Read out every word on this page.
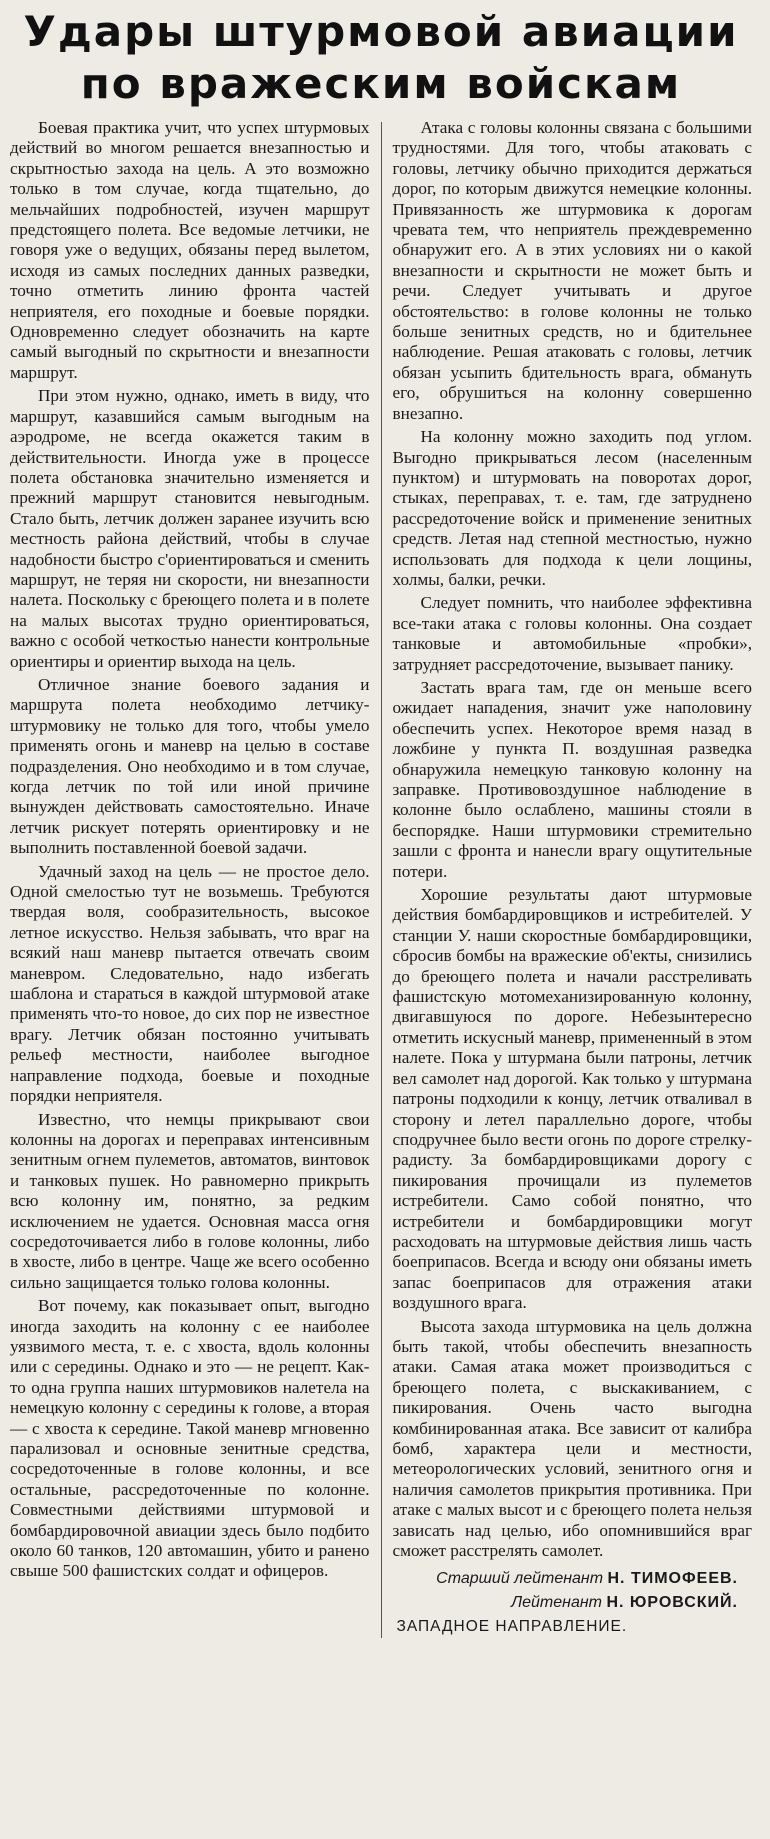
Удары штурмовой авиации
по вражеским войскам

Боевая практика учит, что успех штурмовых действий во многом решается внезапностью и скрытностью захода на цель. А это возможно только в том случае, когда тщательно, до мельчайших подробностей, изучен маршрут предстоящего полета. Все ведомые летчики, не говоря уже о ведущих, обязаны перед вылетом, исходя из самых последних данных разведки, точно отметить линию фронта частей неприятеля, его походные и боевые порядки. Одновременно следует обозначить на карте самый выгодный по скрытности и внезапности маршрут.

При этом нужно, однако, иметь в виду, что маршрут, казавшийся самым выгодным на аэродроме, не всегда окажется таким в действительности. Иногда уже в процессе полета обстановка значительно изменяется и прежний маршрут становится невыгодным. Стало быть, летчик должен заранее изучить всю местность района действий, чтобы в случае надобности быстро с'ориентироваться и сменить маршрут, не теряя ни скорости, ни внезапности налета. Поскольку с бреющего полета и в полете на малых высотах трудно ориентироваться, важно с особой четкостью нанести контрольные ориентиры и ориентир выхода на цель.

Отличное знание боевого задания и маршрута полета необходимо летчику-штурмовику не только для того, чтобы умело применять огонь и маневр на целью в составе подразделения. Оно необходимо и в том случае, когда летчик по той или иной причине вынужден действовать самостоятельно. Иначе летчик рискует потерять ориентировку и не выполнить поставленной боевой задачи.

Удачный заход на цель — не простое дело. Одной смелостью тут не возьмешь. Требуются твердая воля, сообразительность, высокое летное искусство. Нельзя забывать, что враг на всякий наш маневр пытается отвечать своим маневром. Следовательно, надо избегать шаблона и стараться в каждой штурмовой атаке применять что-то новое, до сих пор не известное врагу. Летчик обязан постоянно учитывать рельеф местности, наиболее выгодное направление подхода, боевые и походные порядки неприятеля.

Известно, что немцы прикрывают свои колонны на дорогах и переправах интенсивным зенитным огнем пулеметов, автоматов, винтовок и танковых пушек. Но равномерно прикрыть всю колонну им, понятно, за редким исключением не удается. Основная масса огня сосредоточивается либо в голове колонны, либо в хвосте, либо в центре. Чаще же всего особенно сильно защищается только голова колонны.

Вот почему, как показывает опыт, выгодно иногда заходить на колонну с ее наиболее уязвимого места, т. е. с хвоста, вдоль колонны или с середины. Однако и это — не рецепт. Как-то одна группа наших штурмовиков налетела на немецкую колонну с середины к голове, а вторая — с хвоста к середине. Такой маневр мгновенно парализовал и основные зенитные средства, сосредоточенные в голове колонны, и все остальные, рассредоточенные по колонне. Совместными действиями штурмовой и бомбардировочной авиации здесь было подбито около 60 танков, 120 автомашин, убито и ранено свыше 500 фашистских солдат и офицеров.

Атака с головы колонны связана с большими трудностями. Для того, чтобы атаковать с головы, летчику обычно приходится держаться дорог, по которым движутся немецкие колонны. Привязанность же штурмовика к дорогам чревата тем, что неприятель преждевременно обнаружит его. А в этих условиях ни о какой внезапности и скрытности не может быть и речи. Следует учитывать и другое обстоятельство: в голове колонны не только больше зенитных средств, но и бдительнее наблюдение. Решая атаковать с головы, летчик обязан усыпить бдительность врага, обмануть его, обрушиться на колонну совершенно внезапно.

На колонну можно заходить под углом. Выгодно прикрываться лесом (населенным пунктом) и штурмовать на поворотах дорог, стыках, переправах, т. е. там, где затруднено рассредоточение войск и применение зенитных средств. Летая над степной местностью, нужно использовать для подхода к цели лощины, холмы, балки, речки.

Следует помнить, что наиболее эффективна все-таки атака с головы колонны. Она создает танковые и автомобильные «пробки», затрудняет рассредоточение, вызывает панику.

Застать врага там, где он меньше всего ожидает нападения, значит уже наполовину обеспечить успех. Некоторое время назад в ложбине у пункта П. воздушная разведка обнаружила немецкую танковую колонну на заправке. Противовоздушное наблюдение в колонне было ослаблено, машины стояли в беспорядке. Наши штурмовики стремительно зашли с фронта и нанесли врагу ощутительные потери.

Хорошие результаты дают штурмовые действия бомбардировщиков и истребителей. У станции У. наши скоростные бомбардировщики, сбросив бомбы на вражеские об'екты, снизились до бреющего полета и начали расстреливать фашистскую мотомеханизированную колонну, двигавшуюся по дороге. Небезынтересно отметить искусный маневр, примененный в этом налете. Пока у штурмана были патроны, летчик вел самолет над дорогой. Как только у штурмана патроны подходили к концу, летчик отваливал в сторону и летел параллельно дороге, чтобы сподручнее было вести огонь по дороге стрелку-радисту. За бомбардировщиками дорогу с пикирования прочищали из пулеметов истребители. Само собой понятно, что истребители и бомбардировщики могут расходовать на штурмовые действия лишь часть боеприпасов. Всегда и всюду они обязаны иметь запас боеприпасов для отражения атаки воздушного врага.

Высота захода штурмовика на цель должна быть такой, чтобы обеспечить внезапность атаки. Самая атака может производиться с бреющего полета, с выскакиванием, с пикирования. Очень часто выгодна комбинированная атака. Все зависит от калибра бомб, характера цели и местности, метеорологических условий, зенитного огня и наличия самолетов прикрытия противника. При атаке с малых высот и с бреющего полета нельзя зависать над целью, ибо опомнившийся враг сможет расстрелять самолет.

Старший лейтенант Н. ТИМОФЕЕВ.
Лейтенант Н. ЮРОВСКИЙ.
ЗАПАДНОЕ НАПРАВЛЕНИЕ.
